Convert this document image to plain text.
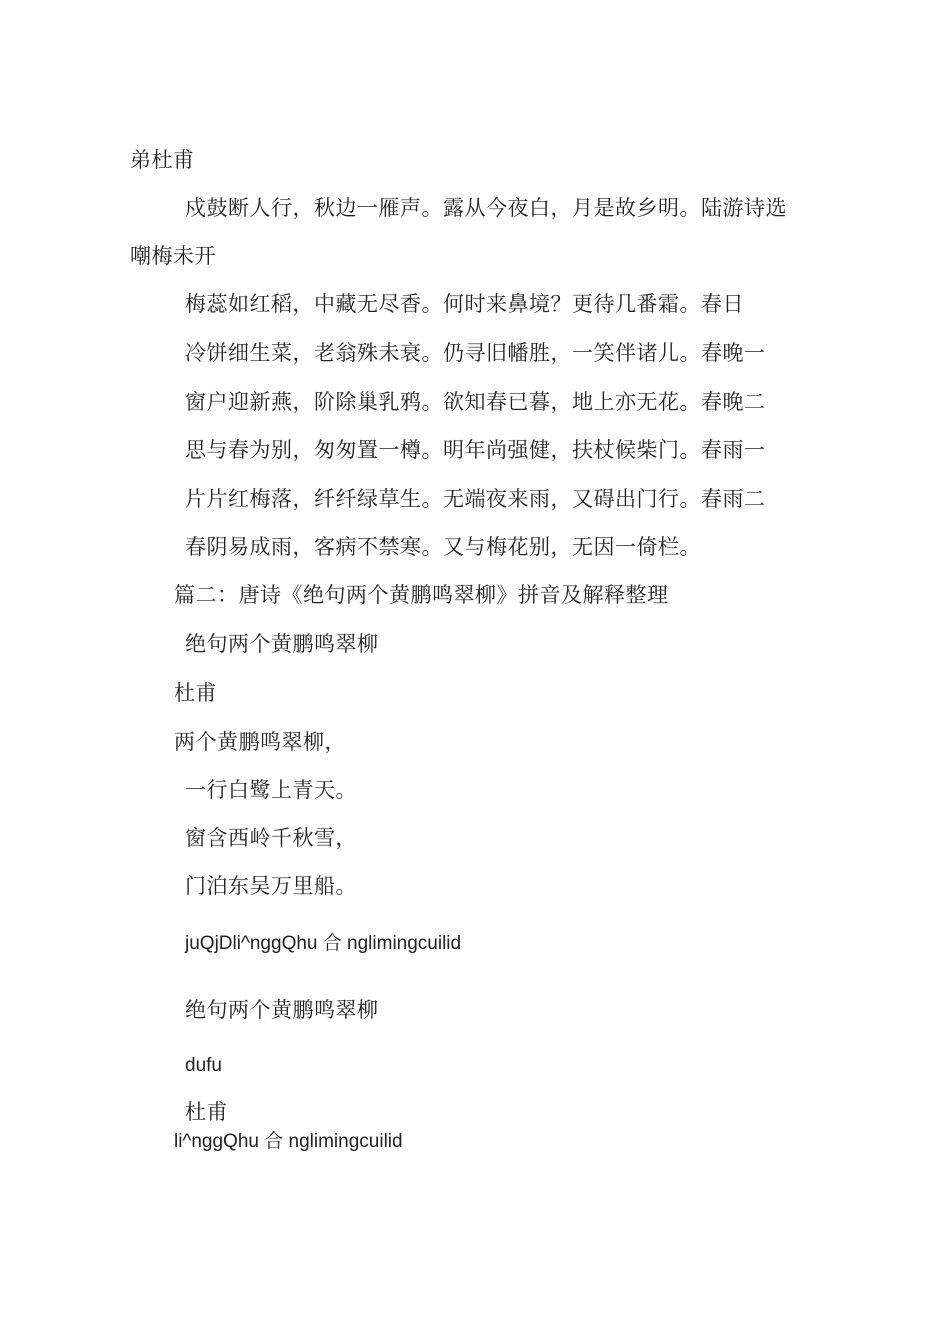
弟杜甫
戍鼓断人行，秋边一雁声。露从今夜白，月是故乡明。陆游诗选
嘲梅未开
梅蕊如红稻，中藏无尽香。何时来鼻境？更待几番霜。春日
冷饼细生菜，老翁殊未衰。仍寻旧幡胜，一笑伴诸儿。春晚一
窗户迎新燕，阶除巢乳鸦。欲知春已暮，地上亦无花。春晚二
思与春为别，匆匆置一樽。明年尚强健，扶杖候柴门。春雨一
片片红梅落，纤纤绿草生。无端夜来雨，又碍出门行。春雨二
春阴易成雨，客病不禁寒。又与梅花别，无因一倚栏。
篇二：唐诗《绝句两个黄鹏鸣翠柳》拼音及解释整理
绝句两个黄鹏鸣翠柳
杜甫
两个黄鹏鸣翠柳，
一行白鹭上青天。
窗含西岭千秋雪，
门泊东吴万里船。
juQjDli^nggQhu 合 nglimingcuilid
绝句两个黄鹏鸣翠柳
dufu
杜甫
li^nggQhu 合 nglimingcuilid
